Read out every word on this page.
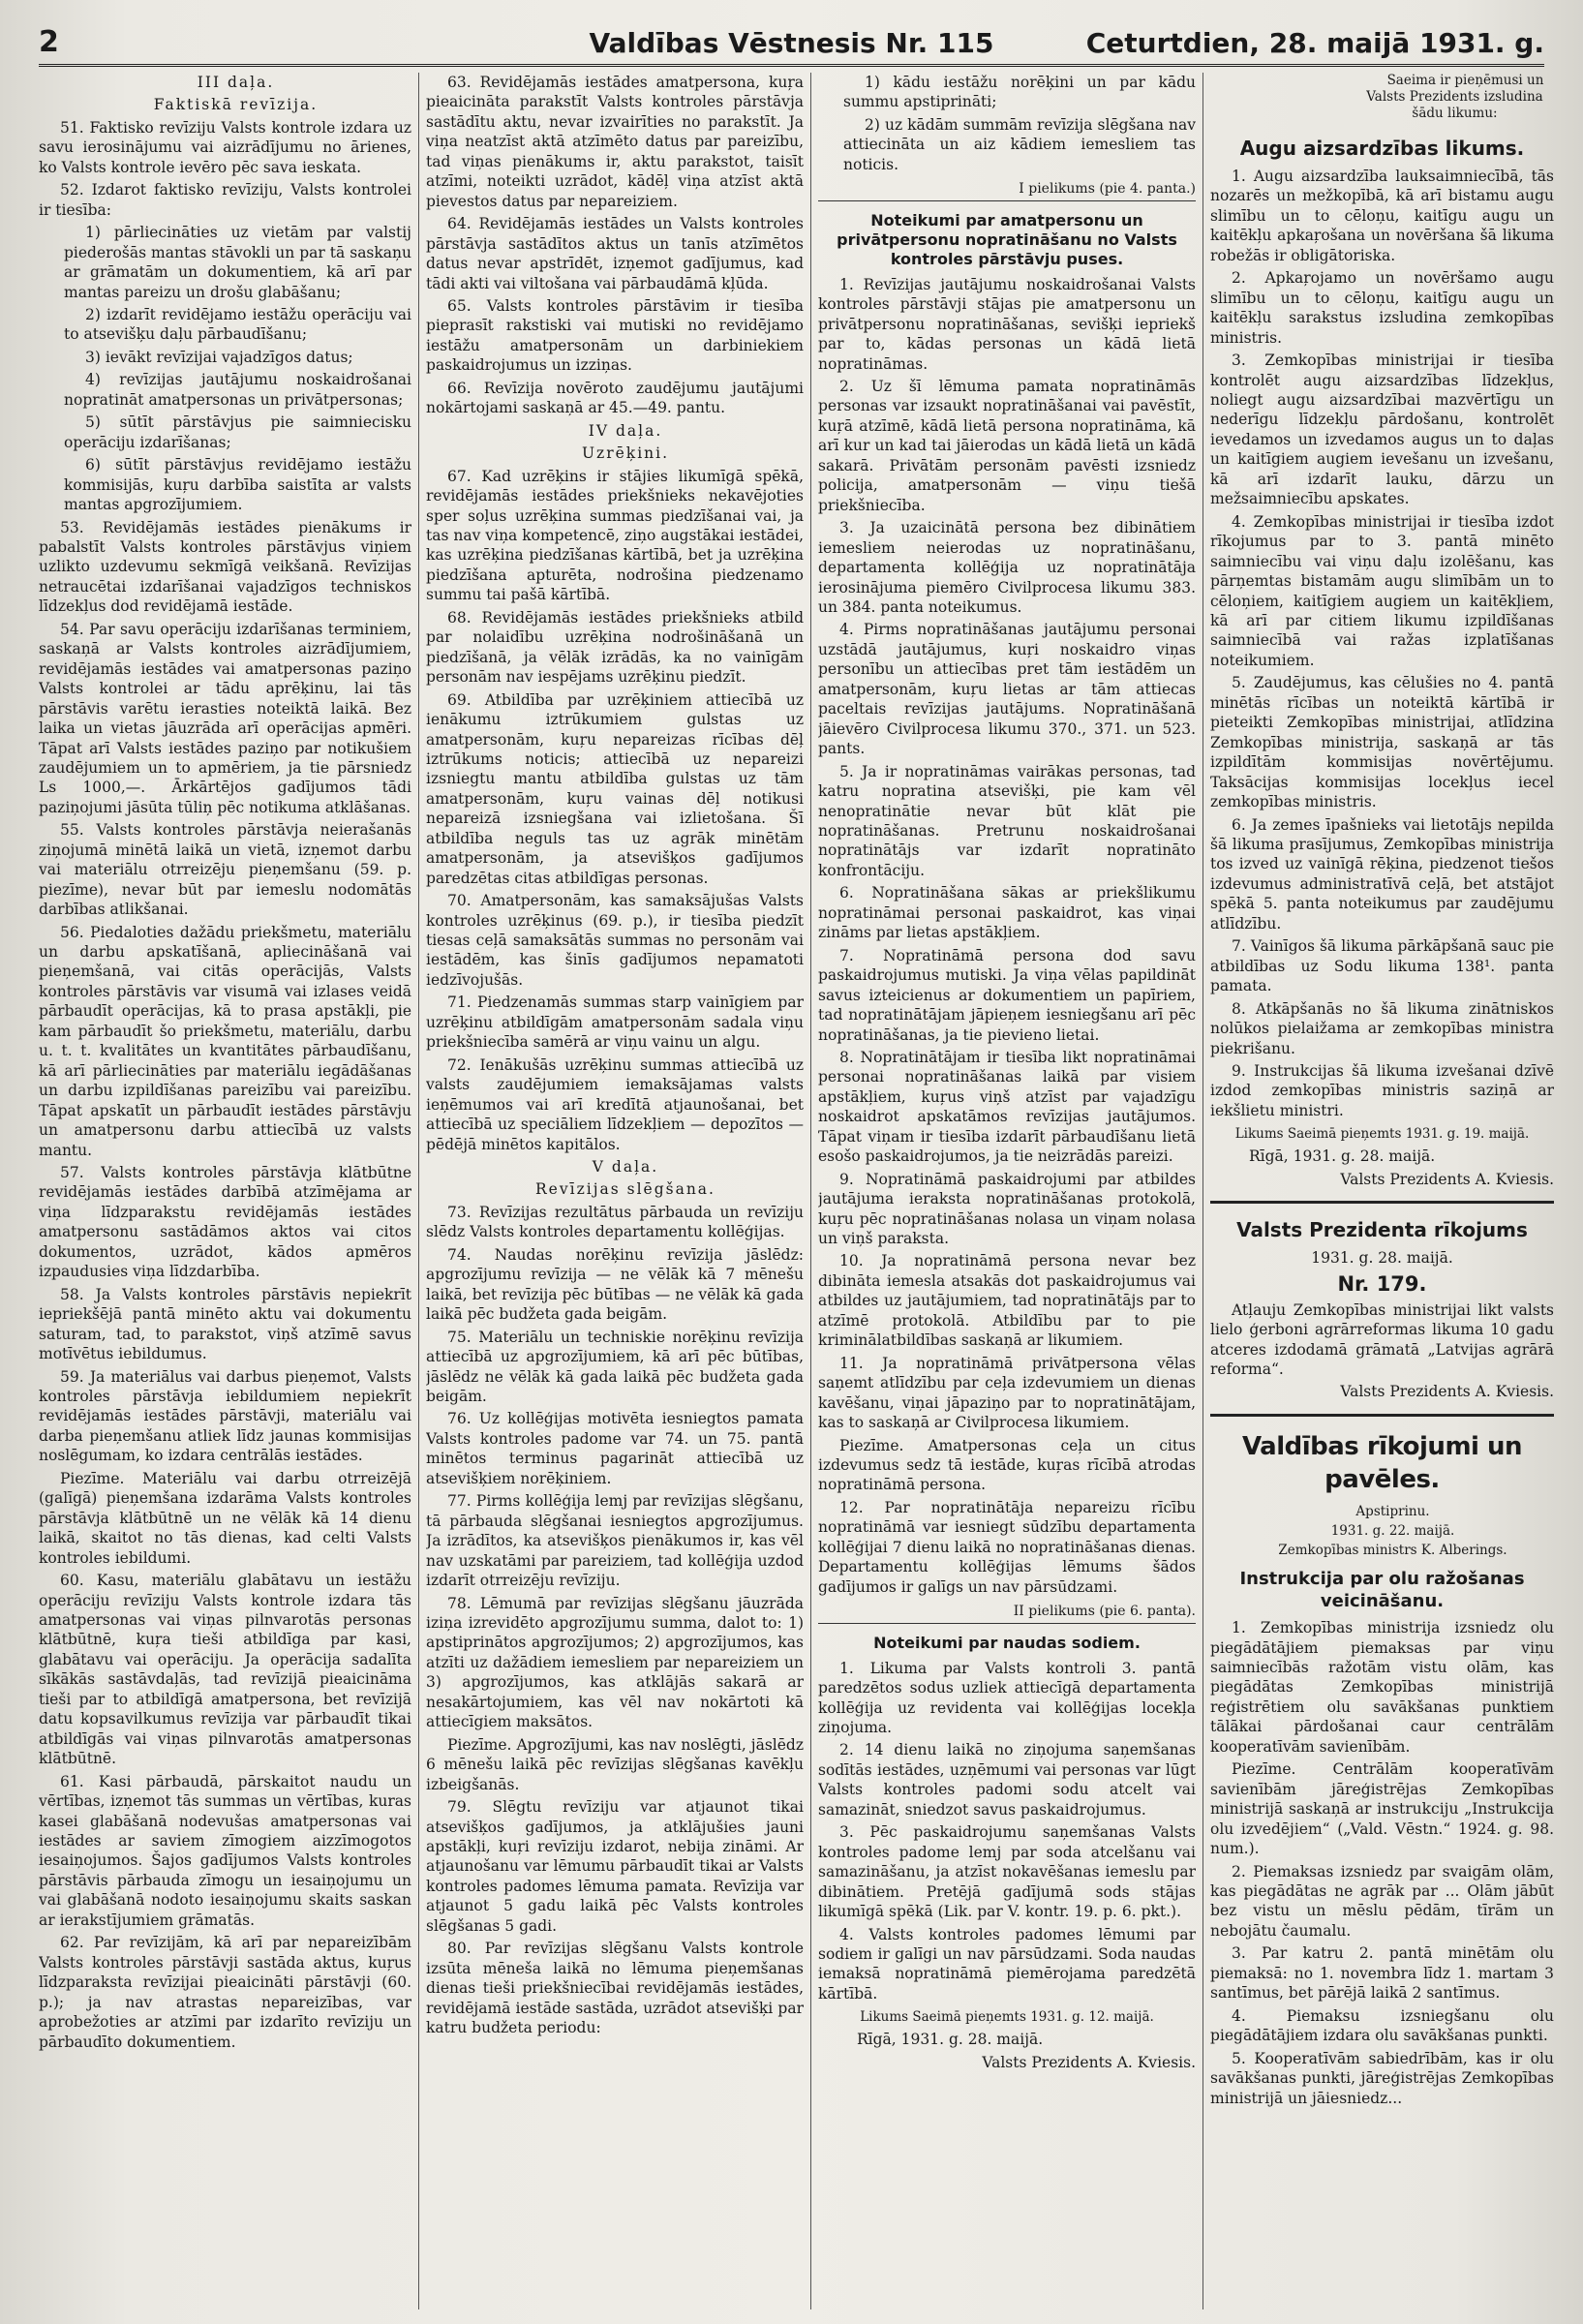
2	Valdības Vēstnesis Nr. 115	Ceturtdien, 28. maijā 1931. g.

III daļa.

Faktiskā revīzija.

51. Faktisko revīziju Valsts kontrole izdara uz savu ierosinājumu vai aizrādījumu no ārienes, ko Valsts kontrole ievēro pēc sava ieskata.

52. Izdarot faktisko revīziju, Valsts kontrolei ir tiesība:

1) pārliecināties uz vietām par valstij piederošās mantas stāvokli un par tā saskaņu ar grāmatām un dokumentiem, kā arī par mantas pareizu un drošu glabāšanu;

2) izdarīt revidējamo iestāžu operāciju vai to atsevišķu daļu pārbaudīšanu;

3) ievākt revīzijai vajadzīgos datus;

4) revīzijas jautājumu noskaidrošanai nopratināt amatpersonas un privātpersonas;

5) sūtīt pārstāvjus pie saimniecisku operāciju izdarīšanas;

6) sūtīt pārstāvjus revidējamo iestāžu kommisijās, kuŗu darbība saistīta ar valsts mantas apgrozījumiem.

53. Revidējamās iestādes pienākums ir pabalstīt Valsts kontroles pārstāvjus viņiem uzlikto uzdevumu sekmīgā veikšanā. Revīzijas netraucētai izdarīšanai vajadzīgos techniskos līdzekļus dod revidējamā iestāde.

54. Par savu operāciju izdarīšanas terminiem, saskaņā ar Valsts kontroles aizrādījumiem, revidējamās iestādes vai amatpersonas paziņo Valsts kontrolei ar tādu aprēķinu, lai tās pārstāvis varētu ierasties noteiktā laikā. Bez laika un vietas jāuzrāda arī operācijas apmēri. Tāpat arī Valsts iestādes paziņo par notikušiem zaudējumiem un to apmēriem, ja tie pārsniedz Ls 1000,—. Ārkārtējos gadījumos tādi paziņojumi jāsūta tūliņ pēc notikuma atklāšanas.

55. Valsts kontroles pārstāvja neierašanās ziņojumā minētā laikā un vietā, izņemot darbu vai materiālu otrreizēju pieņemšanu (59. p. piezīme), nevar būt par iemeslu nodomātās darbības atlikšanai.

56. Piedaloties dažādu priekšmetu, materiālu un darbu apskatīšanā, apliecināšanā vai pieņemšanā, vai citās operācijās, Valsts kontroles pārstāvis var visumā vai izlases veidā pārbaudīt operācijas, kā to prasa apstākļi, pie kam pārbaudīt šo priekšmetu, materiālu, darbu u. t. t. kvalitātes un kvantitātes pārbaudīšanu, kā arī pārliecināties par materiālu iegādāšanas un darbu izpildīšanas pareizību vai pareizību. Tāpat apskatīt un pārbaudīt iestādes pārstāvju un amatpersonu darbu attiecībā uz valsts mantu.

57. Valsts kontroles pārstāvja klātbūtne revidējamās iestādes darbībā atzīmējama ar viņa līdzparakstu revidējamās iestādes amatpersonu sastādāmos aktos vai citos dokumentos, uzrādot, kādos apmēros izpaudusies viņa līdzdarbība.

58. Ja Valsts kontroles pārstāvis nepiekrīt iepriekšējā pantā minēto aktu vai dokumentu saturam, tad, to parakstot, viņš atzīmē savus motīvētus iebildumus.

59. Ja materiālus vai darbus pieņemot, Valsts kontroles pārstāvja iebildumiem nepiekrīt revidējamās iestādes pārstāvji, materiālu vai darba pieņemšanu atliek līdz jaunas kommisijas noslēgumam, ko izdara centrālās iestādes.

Piezīme. Materiālu vai darbu otrreizējā (galīgā) pieņemšana izdarāma Valsts kontroles pārstāvja klātbūtnē un ne vēlāk kā 14 dienu laikā, skaitot no tās dienas, kad celti Valsts kontroles iebildumi.

60. Kasu, materiālu glabātavu un iestāžu operāciju revīziju Valsts kontrole izdara tās amatpersonas vai viņas pilnvarotās personas klātbūtnē, kuŗa tieši atbildīga par kasi, glabātavu vai operāciju. Ja operācija sadalīta sīkākās sastāvdaļās, tad revīzijā pieaicināma tieši par to atbildīgā amatpersona, bet revīzijā datu kopsavilkumus revīzija var pārbaudīt tikai atbildīgās vai viņas pilnvarotās amatpersonas klātbūtnē.

61. Kasi pārbaudā, pārskaitot naudu un vērtības, izņemot tās summas un vērtības, kuras kasei glabāšanā nodevušas amatpersonas vai iestādes ar saviem zīmogiem aizzīmogotos iesaiņojumos. Šajos gadījumos Valsts kontroles pārstāvis pārbauda zīmogu un iesaiņojumu un vai glabāšanā nodoto iesaiņojumu skaits saskan ar ierakstījumiem grāmatās.

62. Par revīzijām, kā arī par nepareizībām Valsts kontroles pārstāvji sastāda aktus, kuŗus līdzparaksta revīzijai pieaicināti pārstāvji (60. p.); ja nav atrastas nepareizības, var aprobežoties ar atzīmi par izdarīto revīziju un pārbaudīto dokumentiem.

63. Revidējamās iestādes amatpersona, kuŗa pieaicināta parakstīt Valsts kontroles pārstāvja sastādītu aktu, nevar izvairīties no parakstīt. Ja viņa neatzīst aktā atzīmēto datus par pareizību, tad viņas pienākums ir, aktu parakstot, taisīt atzīmi, noteikti uzrādot, kādēļ viņa atzīst aktā pievestos datus par nepareiziem.

64. Revidējamās iestādes un Valsts kontroles pārstāvja sastādītos aktus un tanīs atzīmētos datus nevar apstrīdēt, izņemot gadījumus, kad tādi akti vai viltošana vai pārbaudāmā kļūda.

65. Valsts kontroles pārstāvim ir tiesība pieprasīt rakstiski vai mutiski no revidējamo iestāžu amatpersonām un darbiniekiem paskaidrojumus un izziņas.

66. Revīzija novēroto zaudējumu jautājumi nokārtojami saskaņā ar 45.—49. pantu.

IV daļa.

Uzrēķini.

67. Kad uzrēķins ir stājies likumīgā spēkā, revidējamās iestādes priekšnieks nekavējoties sper soļus uzrēķina summas piedzīšanai vai, ja tas nav viņa kompetencē, ziņo augstākai iestādei, kas uzrēķina piedzīšanas kārtībā, bet ja uzrēķina piedzīšana apturēta, nodrošina piedzenamo summu tai pašā kārtībā.

68. Revidējamās iestādes priekšnieks atbild par nolaidību uzrēķina nodrošināšanā un piedzīšanā, ja vēlāk izrādās, ka no vainīgām personām nav iespējams uzrēķinu piedzīt.

69. Atbildība par uzrēķiniem attiecībā uz ienākumu iztrūkumiem gulstas uz amatpersonām, kuŗu nepareizas rīcības dēļ iztrūkums noticis; attiecībā uz nepareizi izsniegtu mantu atbildība gulstas uz tām amatpersonām, kuŗu vainas dēļ notikusi nepareizā izsniegšana vai izlietošana. Šī atbildība neguls tas uz agrāk minētām amatpersonām, ja atsevišķos gadījumos paredzētas citas atbildīgas personas.

70. Amatpersonām, kas samaksājušas Valsts kontroles uzrēķinus (69. p.), ir tiesība piedzīt tiesas ceļā samaksātās summas no personām vai iestādēm, kas šinīs gadījumos nepamatoti iedzīvojušās.

71. Piedzenamās summas starp vainīgiem par uzrēķinu atbildīgām amatpersonām sadala viņu priekšniecība samērā ar viņu vainu un algu.

72. Ienākušās uzrēķinu summas attiecībā uz valsts zaudējumiem iemaksājamas valsts ieņēmumos vai arī kredītā atjaunošanai, bet attiecībā uz speciāliem līdzekļiem — depozītos — pēdējā minētos kapitālos.

V daļa.

Revīzijas slēgšana.

73. Revīzijas rezultātus pārbauda un revīziju slēdz Valsts kontroles departamentu kollēģijas.

74. Naudas norēķinu revīzija jāslēdz: apgrozījumu revīzija — ne vēlāk kā 7 mēnešu laikā, bet revīzija pēc būtības — ne vēlāk kā gada laikā pēc budžeta gada beigām.

75. Materiālu un techniskie norēķinu revīzija attiecībā uz apgrozījumiem, kā arī pēc būtības, jāslēdz ne vēlāk kā gada laikā pēc budžeta gada beigām.

76. Uz kollēģijas motivēta iesniegtos pamata Valsts kontroles padome var 74. un 75. pantā minētos terminus pagarināt attiecībā uz atsevišķiem norēķiniem.

77. Pirms kollēģija lemj par revīzijas slēgšanu, tā pārbauda slēgšanai iesniegtos apgrozījumus. Ja izrādītos, ka atsevišķos pienākumos ir, kas vēl nav uzskatāmi par pareiziem, tad kollēģija uzdod izdarīt otrreizēju revīziju.

78. Lēmumā par revīzijas slēgšanu jāuzrāda iziņa izrevidēto apgrozījumu summa, dalot to: 1) apstiprinātos apgrozījumos; 2) apgrozījumos, kas atzīti uz dažādiem iemesliem par nepareiziem un 3) apgrozījumos, kas atklājās sakarā ar nesakārtojumiem, kas vēl nav nokārtoti kā attiecīgiem maksātos.

Piezīme. Apgrozījumi, kas nav noslēgti, jāslēdz 6 mēnešu laikā pēc revīzijas slēgšanas kavēkļu izbeigšanās.

79. Slēgtu revīziju var atjaunot tikai atsevišķos gadījumos, ja atklājušies jauni apstākļi, kuŗi revīziju izdarot, nebija zināmi. Ar atjaunošanu var lēmumu pārbaudīt tikai ar Valsts kontroles padomes lēmuma pamata. Revīzija var atjaunot 5 gadu laikā pēc Valsts kontroles slēgšanas 5 gadi.

80. Par revīzijas slēgšanu Valsts kontrole izsūta mēneša laikā no lēmuma pieņemšanas dienas tieši priekšniecībai revidējamās iestādes, revidējamā iestāde sastāda, uzrādot atsevišķi par katru budžeta periodu:

1) kādu iestāžu norēķini un par kādu summu apstiprināti;

2) uz kādām summām revīzija slēgšana nav attiecināta un aiz kādiem iemesliem tas noticis.

I pielikums (pie 4. panta.)
Noteikumi par amatpersonu un privātpersonu nopratināšanu no Valsts kontroles pārstāvju puses.

1. Revīzijas jautājumu noskaidrošanai Valsts kontroles pārstāvji stājas pie amatpersonu un privātpersonu nopratināšanas, sevišķi iepriekš par to, kādas personas un kādā lietā nopratināmas.

2. Uz šī lēmuma pamata nopratināmās personas var izsaukt nopratināšanai vai pavēstīt, kuŗā atzīmē, kādā lietā persona nopratināma, kā arī kur un kad tai jāierodas un kādā lietā un kādā sakarā. Privātām personām pavēsti izsniedz policija, amatpersonām — viņu tiešā priekšniecība.

3. Ja uzaicinātā persona bez dibinātiem iemesliem neierodas uz nopratināšanu, departamenta kollēģija uz nopratinātāja ierosinājuma piemēro Civilprocesa likumu 383. un 384. panta noteikumus.

4. Pirms nopratināšanas jautājumu personai uzstādā jautājumus, kuŗi noskaidro viņas personību un attiecības pret tām iestādēm un amatpersonām, kuŗu lietas ar tām attiecas paceltais revīzijas jautājums. Nopratināšanā jāievēro Civilprocesa likumu 370., 371. un 523. pants.

5. Ja ir nopratināmas vairākas personas, tad katru nopratina atsevišķi, pie kam vēl nenopratinātie nevar būt klāt pie nopratināšanas. Pretrunu noskaidrošanai nopratinātājs var izdarīt nopratināto konfrontāciju.

6. Nopratināšana sākas ar priekšlikumu nopratināmai personai paskaidrot, kas viņai zināms par lietas apstākļiem.

7. Nopratināmā persona dod savu paskaidrojumus mutiski. Ja viņa vēlas papildināt savus izteicienus ar dokumentiem un papīriem, tad nopratinātājam jāpieņem iesniegšanu arī pēc nopratināšanas, ja tie pievieno lietai.

8. Nopratinātājam ir tiesība likt nopratināmai personai nopratināšanas laikā par visiem apstākļiem, kuŗus viņš atzīst par vajadzīgu noskaidrot apskatāmos revīzijas jautājumos. Tāpat viņam ir tiesība izdarīt pārbaudīšanu lietā esošo paskaidrojumos, ja tie neizrādās pareizi.

9. Nopratināmā paskaidrojumi par atbildes jautājuma ieraksta nopratināšanas protokolā, kuŗu pēc nopratināšanas nolasa un viņam nolasa un viņš paraksta.

10. Ja nopratināmā persona nevar bez dibināta iemesla atsakās dot paskaidrojumus vai atbildes uz jautājumiem, tad nopratinātājs par to atzīmē protokolā. Atbildību par to pie kriminālatbildības saskaņā ar likumiem.

11. Ja nopratināmā privātpersona vēlas saņemt atlīdzību par ceļa izdevumiem un dienas kavēšanu, viņai jāpaziņo par to nopratinātājam, kas to saskaņā ar Civilprocesa likumiem.

Piezīme. Amatpersonas ceļa un citus izdevumus sedz tā iestāde, kuŗas rīcībā atrodas nopratināmā persona.

12. Par nopratinātāja nepareizu rīcību nopratināmā var iesniegt sūdzību departamenta kollēģijai 7 dienu laikā no nopratināšanas dienas. Departamentu kollēģijas lēmums šādos gadījumos ir galīgs un nav pārsūdzami.

II pielikums (pie 6. panta).
Noteikumi par naudas sodiem.

1. Likuma par Valsts kontroli 3. pantā paredzētos sodus uzliek attiecīgā departamenta kollēģija uz revidenta vai kollēģijas locekļa ziņojuma.

2. 14 dienu laikā no ziņojuma saņemšanas sodītās iestādes, uzņēmumi vai personas var lūgt Valsts kontroles padomi sodu atcelt vai samazināt, sniedzot savus paskaidrojumus.

3. Pēc paskaidrojumu saņemšanas Valsts kontroles padome lemj par soda atcelšanu vai samazināšanu, ja atzīst nokavēšanas iemeslu par dibinātiem. Pretējā gadījumā sods stājas likumīgā spēkā (Lik. par V. kontr. 19. p. 6. pkt.).

4. Valsts kontroles padomes lēmumi par sodiem ir galīgi un nav pārsūdzami. Soda naudas iemaksā nopratināmā piemērojama paredzētā kārtībā.

Likums Saeimā pieņemts 1931. g. 12. maijā.

Rīgā, 1931. g. 28. maijā.

Valsts Prezidents A. Kviesis.

Saeima ir pieņēmusi un Valsts Prezidents izsludina šādu likumu:

Augu aizsardzības likums.

1. Augu aizsardzība lauksaimniecībā, tās nozarēs un mežkopībā, kā arī bistamu augu slimību un to cēloņu, kaitīgu augu un kaitēkļu apkaŗošana un novēršana šā likuma robežās ir obligātoriska.

2. Apkaŗojamo un novēršamo augu slimību un to cēloņu, kaitīgu augu un kaitēkļu sarakstus izsludina zemkopības ministris.

3. Zemkopības ministrijai ir tiesība kontrolēt augu aizsardzības līdzekļus, noliegt augu aizsardzībai mazvērtīgu un nederīgu līdzekļu pārdošanu, kontrolēt ievedamos un izvedamos augus un to daļas un kaitīgiem augiem ievešanu un izvešanu, kā arī izdarīt lauku, dārzu un mežsaimniecību apskates.

4. Zemkopības ministrijai ir tiesība izdot rīkojumus par to 3. pantā minēto saimniecību vai viņu daļu izolēšanu, kas pārņemtas bistamām augu slimībām un to cēloņiem, kaitīgiem augiem un kaitēkļiem, kā arī par citiem likumu izpildīšanas saimniecībā vai ražas izplatīšanas noteikumiem.

5. Zaudējumus, kas cēlušies no 4. pantā minētās rīcības un noteiktā kārtībā ir pieteikti Zemkopības ministrijai, atlīdzina Zemkopības ministrija, saskaņā ar tās izpildītām kommisijas novērtējumu. Taksācijas kommisijas locekļus iecel zemkopības ministris.

6. Ja zemes īpašnieks vai lietotājs nepilda šā likuma prasījumus, Zemkopības ministrija tos izved uz vainīgā rēķina, piedzenot tiešos izdevumus administratīvā ceļā, bet atstājot spēkā 5. panta noteikumus par zaudējumu atlīdzību.

7. Vainīgos šā likuma pārkāpšanā sauc pie atbildības uz Sodu likuma 138¹. panta pamata.

8. Atkāpšanās no šā likuma zinātniskos nolūkos pielaižama ar zemkopības ministra piekrišanu.

9. Instrukcijas šā likuma izvešanai dzīvē izdod zemkopības ministris saziņā ar iekšlietu ministri.

Likums Saeimā pieņemts 1931. g. 19. maijā.

Rīgā, 1931. g. 28. maijā.

Valsts Prezidents A. Kviesis.

Valsts Prezidenta rīkojums

1931. g. 28. maijā.

Nr. 179.

Atļauju Zemkopības ministrijai likt valsts lielo ģerboni agrārreformas likuma 10 gadu atceres izdodamā grāmatā „Latvijas agrārā reforma“.

Valsts Prezidents A. Kviesis.

Valdības rīkojumi un pavēles.

Apstiprinu.

1931. g. 22. maijā.

Zemkopības ministrs K. Alberings.

Instrukcija par olu ražošanas veicināšanu.

1. Zemkopības ministrija izsniedz olu piegādātājiem piemaksas par viņu saimniecībās ražotām vistu olām, kas piegādātas Zemkopības ministrijā reģistrētiem olu savākšanas punktiem tālākai pārdošanai caur centrālām kooperatīvām savienībām.

Piezīme. Centrālām kooperatīvām savienībām jāreģistrējas Zemkopības ministrijā saskaņā ar instrukciju „Instrukcija olu izvedējiem“ („Vald. Vēstn.“ 1924. g. 98. num.).

2. Piemaksas izsniedz par svaigām olām, kas piegādātas ne agrāk par ... Olām jābūt bez vistu un mēslu pēdām, tīrām un nebojātu čaumalu.

3. Par katru 2. pantā minētām olu piemaksā: no 1. novembra līdz 1. martam 3 santīmus, bet pārējā laikā 2 santīmus.

4. Piemaksu izsniegšanu olu piegādātājiem izdara olu savākšanas punkti.

5. Kooperatīvām sabiedrībām, kas ir olu savākšanas punkti, jāreģistrējas Zemkopības ministrijā un jāiesniedz...
